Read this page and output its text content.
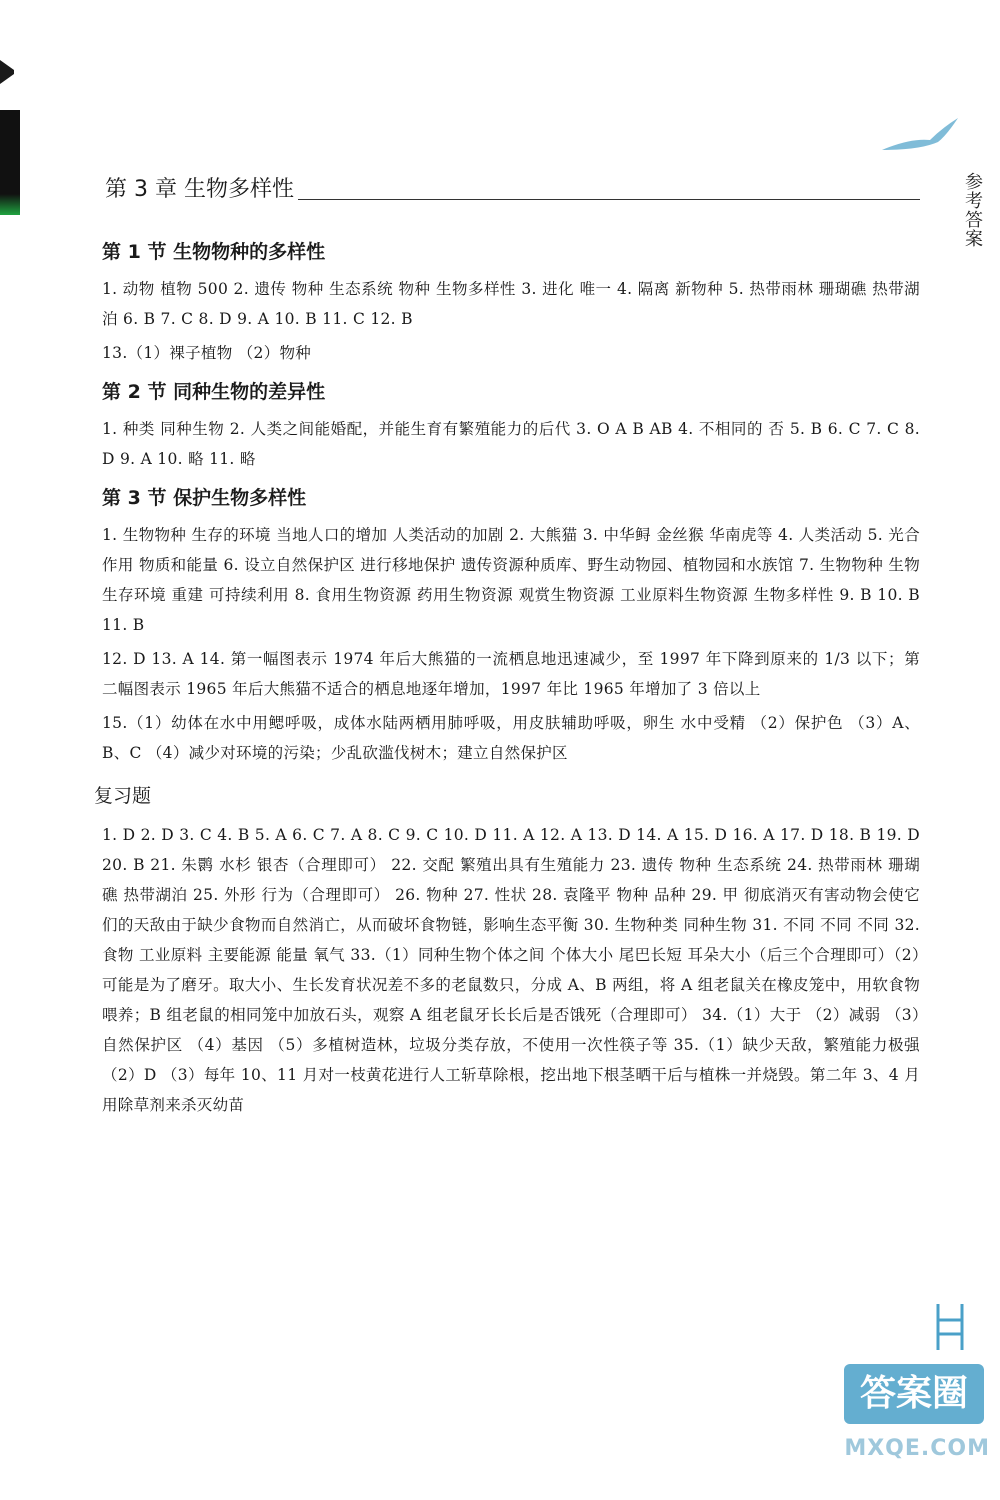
参考答案
第 3 章 生物多样性
第 1 节 生物物种的多样性

1. 动物 植物 500 2. 遗传 物种 生态系统 物种 生物多样性 3. 进化 唯一 4. 隔离 新物种 5. 热带雨林 珊瑚礁 热带湖泊 6. B 7. C 8. D 9. A 10. B 11. C 12. B

13.（1）裸子植物 （2）物种

第 2 节 同种生物的差异性

1. 种类 同种生物 2. 人类之间能婚配，并能生育有繁殖能力的后代 3. O A B AB 4. 不相同的 否 5. B 6. C 7. C 8. D 9. A 10. 略 11. 略

第 3 节 保护生物多样性

1. 生物物种 生存的环境 当地人口的增加 人类活动的加剧 2. 大熊猫 3. 中华鲟 金丝猴 华南虎等 4. 人类活动 5. 光合作用 物质和能量 6. 设立自然保护区 进行移地保护 遗传资源种质库、野生动物园、植物园和水族馆 7. 生物物种 生物生存环境 重建 可持续利用 8. 食用生物资源 药用生物资源 观赏生物资源 工业原料生物资源 生物多样性 9. B 10. B 11. B

12. D 13. A 14. 第一幅图表示 1974 年后大熊猫的一流栖息地迅速减少，至 1997 年下降到原来的 1/3 以下；第二幅图表示 1965 年后大熊猫不适合的栖息地逐年增加，1997 年比 1965 年增加了 3 倍以上

15.（1）幼体在水中用鳃呼吸，成体水陆两栖用肺呼吸，用皮肤辅助呼吸，卵生 水中受精 （2）保护色 （3）A、B、C （4）减少对环境的污染；少乱砍滥伐树木；建立自然保护区

复习题

1. D 2. D 3. C 4. B 5. A 6. C 7. A 8. C 9. C 10. D 11. A 12. A 13. D 14. A 15. D 16. A 17. D 18. B 19. D 20. B 21. 朱鹮 水杉 银杏（合理即可） 22. 交配 繁殖出具有生殖能力 23. 遗传 物种 生态系统 24. 热带雨林 珊瑚礁 热带湖泊 25. 外形 行为（合理即可） 26. 物种 27. 性状 28. 袁隆平 物种 品种 29. 甲 彻底消灭有害动物会使它们的天敌由于缺少食物而自然消亡，从而破坏食物链，影响生态平衡 30. 生物种类 同种生物 31. 不同 不同 不同 32. 食物 工业原料 主要能源 能量 氧气 33.（1）同种生物个体之间 个体大小 尾巴长短 耳朵大小（后三个合理即可）（2）可能是为了磨牙。取大小、生长发育状况差不多的老鼠数只，分成 A、B 两组，将 A 组老鼠关在橡皮笼中，用软食物喂养；B 组老鼠的相同笼中加放石头，观察 A 组老鼠牙长长后是否饿死（合理即可） 34.（1）大于 （2）减弱 （3）自然保护区 （4）基因 （5）多植树造林，垃圾分类存放，不使用一次性筷子等 35.（1）缺少天敌，繁殖能力极强 （2）D （3）每年 10、11 月对一枝黄花进行人工斩草除根，挖出地下根茎晒干后与植株一并烧毁。第二年 3、4 月用除草剂来杀灭幼苗

答案圈
MXQE.COM
